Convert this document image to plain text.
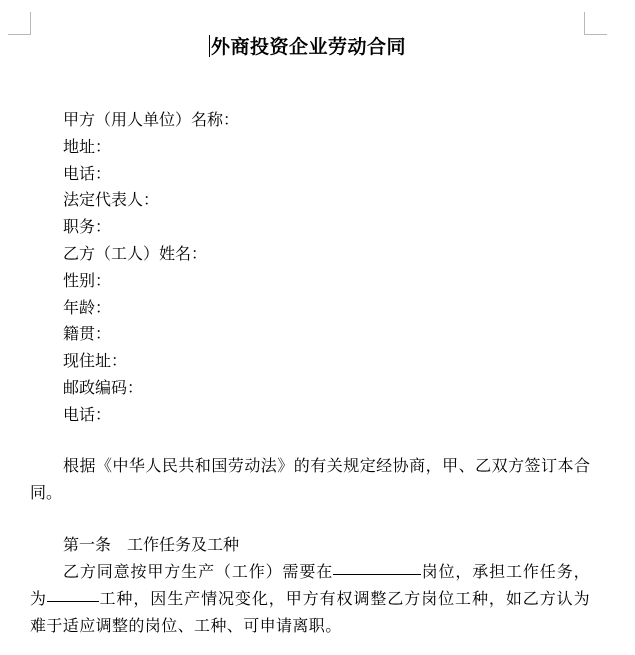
外商投资企业劳动合同
甲方（用人单位）名称：
地址：
电话：
法定代表人：
职务：
乙方（工人）姓名：
性别：
年龄：
籍贯：
现住址：
邮政编码：
电话：
根据《中华人民共和国劳动法》的有关规定经协商，甲、乙双方签订本合同。
第一条　工作任务及工种
乙方同意按甲方生产（工作）需要在	岗位，承担工作任务，为	工种，因生产情况变化，甲方有权调整乙方岗位工种，如乙方认为难于适应调整的岗位、工种、可申请离职。
